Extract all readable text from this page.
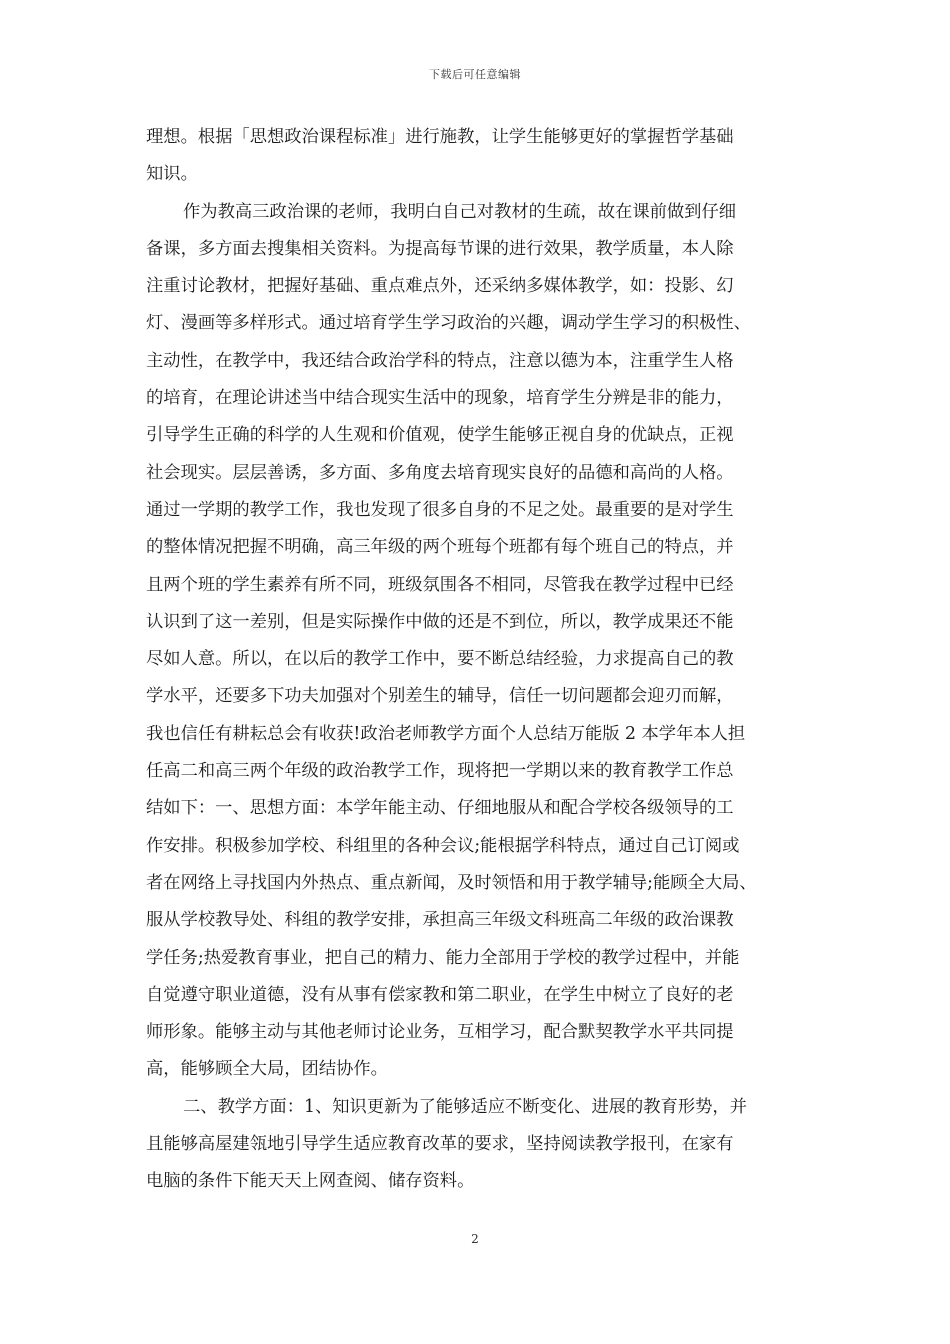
下载后可任意编辑
理想。根据「思想政治课程标准」进行施教，让学生能够更好的掌握哲学基础
知识。
作为教高三政治课的老师，我明白自己对教材的生疏，故在课前做到仔细
备课，多方面去搜集相关资料。为提高每节课的进行效果，教学质量，本人除
注重讨论教材，把握好基础、重点难点外，还采纳多媒体教学，如：投影、幻
灯、漫画等多样形式。通过培育学生学习政治的兴趣，调动学生学习的积极性、
主动性，在教学中，我还结合政治学科的特点，注意以德为本，注重学生人格
的培育，在理论讲述当中结合现实生活中的现象，培育学生分辨是非的能力，
引导学生正确的科学的人生观和价值观，使学生能够正视自身的优缺点，正视
社会现实。层层善诱，多方面、多角度去培育现实良好的品德和高尚的人格。
通过一学期的教学工作，我也发现了很多自身的不足之处。最重要的是对学生
的整体情况把握不明确，高三年级的两个班每个班都有每个班自己的特点，并
且两个班的学生素养有所不同，班级氛围各不相同，尽管我在教学过程中已经
认识到了这一差别，但是实际操作中做的还是不到位，所以，教学成果还不能
尽如人意。所以，在以后的教学工作中，要不断总结经验，力求提高自己的教
学水平，还要多下功夫加强对个别差生的辅导，信任一切问题都会迎刃而解，
我也信任有耕耘总会有收获!政治老师教学方面个人总结万能版 2 本学年本人担
任高二和高三两个年级的政治教学工作，现将把一学期以来的教育教学工作总
结如下：一、思想方面：本学年能主动、仔细地服从和配合学校各级领导的工
作安排。积极参加学校、科组里的各种会议;能根据学科特点，通过自己订阅或
者在网络上寻找国内外热点、重点新闻，及时领悟和用于教学辅导;能顾全大局、
服从学校教导处、科组的教学安排，承担高三年级文科班高二年级的政治课教
学任务;热爱教育事业，把自己的精力、能力全部用于学校的教学过程中，并能
自觉遵守职业道德，没有从事有偿家教和第二职业，在学生中树立了良好的老
师形象。能够主动与其他老师讨论业务，互相学习，配合默契教学水平共同提
高，能够顾全大局，团结协作。
二、教学方面：1、知识更新为了能够适应不断变化、进展的教育形势，并
且能够高屋建瓴地引导学生适应教育改革的要求，坚持阅读教学报刊，在家有
电脑的条件下能天天上网查阅、储存资料。
2
